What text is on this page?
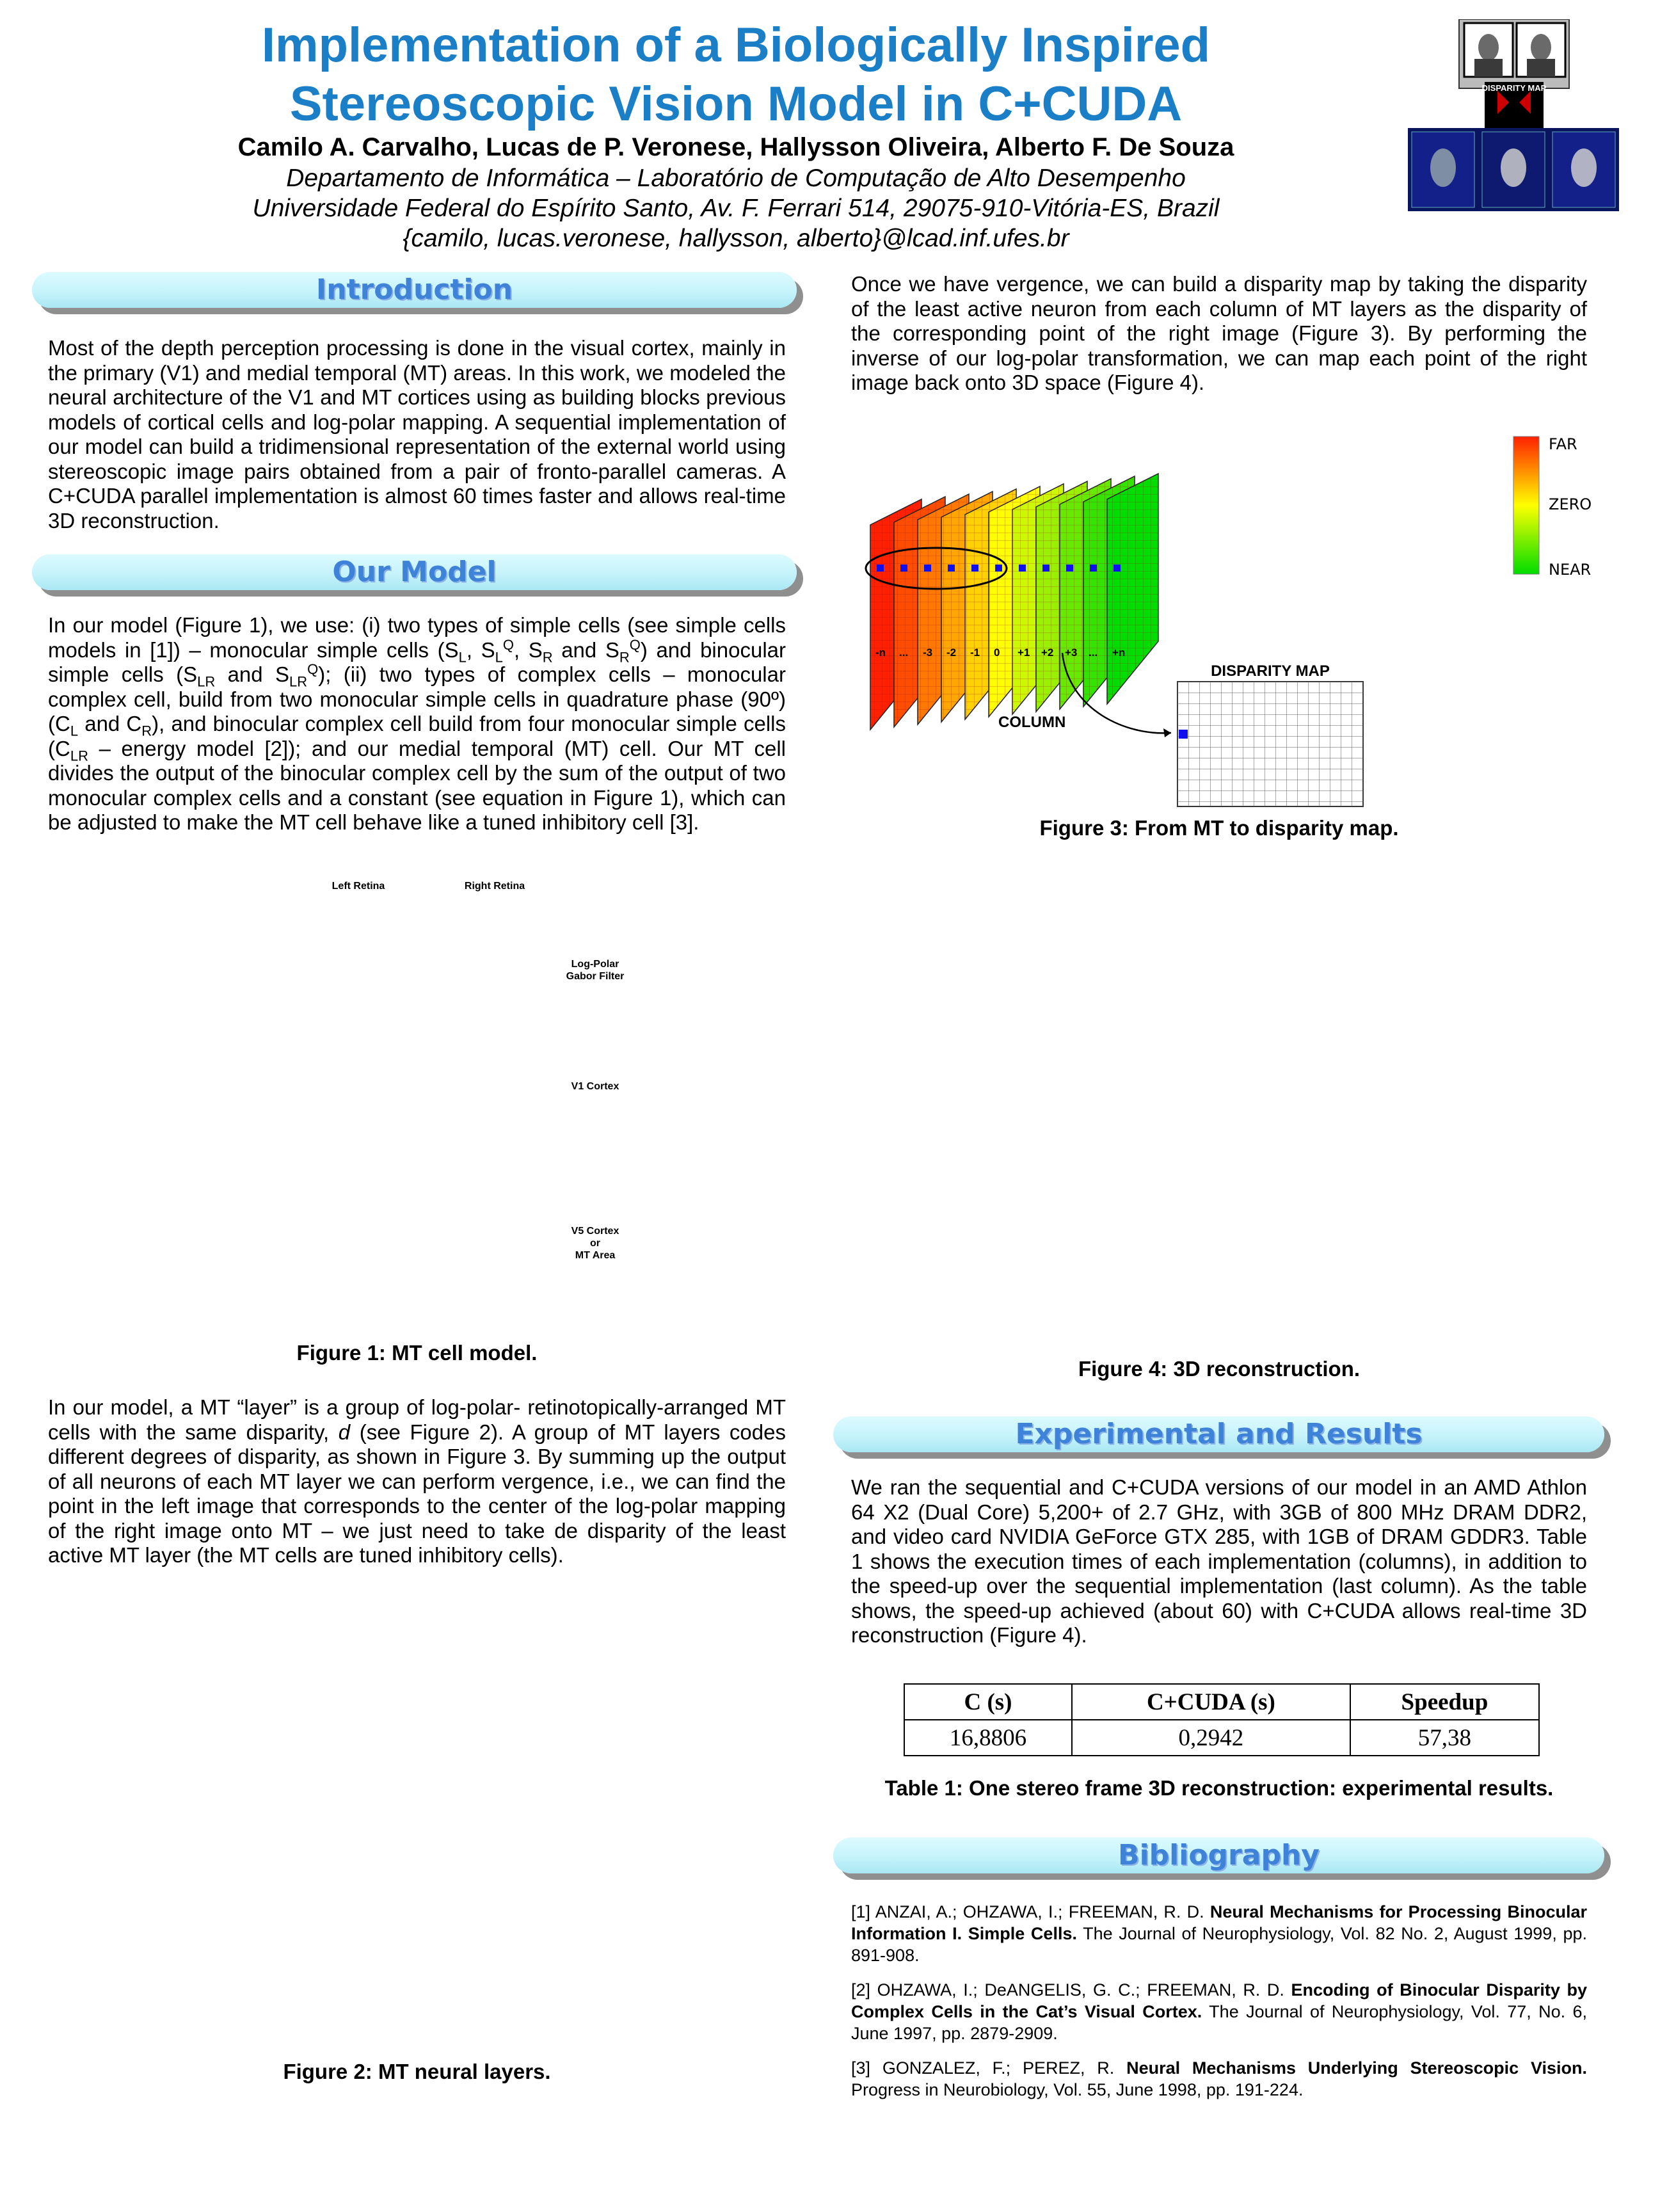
Implementation of a Biologically Inspired
Stereoscopic Vision Model in C+CUDA
Camilo A. Carvalho, Lucas de P. Veronese, Hallysson Oliveira, Alberto F. De Souza
Departamento de Informática – Laboratório de Computação de Alto Desempenho
Universidade Federal do Espírito Santo, Av. F. Ferrari 514, 29075-910-Vitória-ES, Brazil
{camilo, lucas.veronese, hallysson, alberto}@lcad.inf.ufes.br
DISPARITY MAP
Introduction
Most of the depth perception processing is done in the visual cortex, mainly in the primary (V1) and medial temporal (MT) areas. In this work, we modeled the neural architecture of the V1 and MT cortices using as building blocks previous models of cortical cells and log-polar mapping. A sequential implementation of our model can build a tridimensional representation of the external world using stereoscopic image pairs obtained from a pair of fronto-parallel cameras. A C+CUDA parallel implementation is almost 60 times faster and allows real-time 3D reconstruction.
Our Model
In our model (Figure 1), we use: (i) two types of simple cells (see simple cells models in [1]) – monocular simple cells ($S_L$, $S_L^Q$, $S_R$ and $S_R^Q$) and binocular simple cells ($S_{LR}$ and $S_{LR}^Q$); (ii) two types of complex cells – monocular complex cell, build from two monocular simple cells in quadrature phase (90º) ($C_L$ and $C_R$), and binocular complex cell build from four monocular simple cells ($C_{LR}$ – energy model [2]); and our medial temporal (MT) cell. Our MT cell divides the output of the binocular complex cell by the sum of the output of two monocular complex cells and a constant (see equation in Figure 1), which can be adjusted to make the MT cell behave like a tuned inhibitory cell [3].
Left Retina	Right Retina
Log-Polar
Gabor Filter
V1 Cortex
V5 Cortex
or
MT Area
Figure 1: MT cell model.
In our model, a MT “layer” is a group of log-polar- retinotopically-arranged MT cells with the same disparity, d (see Figure 2). A group of MT layers codes different degrees of disparity, as shown in Figure 3. By summing up the output of all neurons of each MT layer we can perform vergence, i.e., we can find the point in the left image that corresponds to the center of the log-polar mapping of the right image onto MT – we just need to take de disparity of the least active MT layer (the MT cells are tuned inhibitory cells).
Figure 2: MT neural layers.
Once we have vergence, we can build a disparity map by taking the disparity of the least active neuron from each column of MT layers as the disparity of the corresponding point of the right image (Figure 3). By performing the inverse of our log-polar transformation, we can map each point of the right image back onto 3D space (Figure 4).
-n ... -3 -2 -1 0 +1 +2 +3 ... +n
FAR
ZERO
NEAR
DISPARITY MAP
COLUMN
Figure 3: From MT to disparity map.
Figure 4: 3D reconstruction.
Experimental and Results
We ran the sequential and C+CUDA versions of our model in an AMD Athlon 64 X2 (Dual Core) 5,200+ of 2.7 GHz, with 3GB of 800 MHz DRAM DDR2, and video card NVIDIA GeForce GTX 285, with 1GB of DRAM GDDR3. Table 1 shows the execution times of each implementation (columns), in addition to the speed-up over the sequential implementation (last column). As the table shows, the speed-up achieved (about 60) with C+CUDA allows real-time 3D reconstruction (Figure 4).
C (s)	C+CUDA (s)	Speedup
16,8806	0,2942	57,38
Table 1: One stereo frame 3D reconstruction: experimental results.
Bibliography
[1] ANZAI, A.; OHZAWA, I.; FREEMAN, R. D. Neural Mechanisms for Processing Binocular Information I. Simple Cells. The Journal of Neurophysiology, Vol. 82 No. 2, August 1999, pp. 891-908.
[2] OHZAWA, I.; DeANGELIS, G. C.; FREEMAN, R. D. Encoding of Binocular Disparity by Complex Cells in the Cat’s Visual Cortex. The Journal of Neurophysiology, Vol. 77, No. 6, June 1997, pp. 2879-2909.
[3] GONZALEZ, F.; PEREZ, R. Neural Mechanisms Underlying Stereoscopic Vision. Progress in Neurobiology, Vol. 55, June 1998, pp. 191-224.
